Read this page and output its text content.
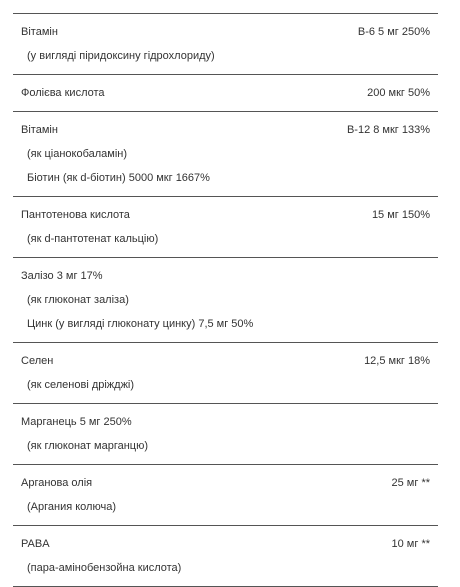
Вітамін	B-6 5 мг 250%
(у вигляді піридоксину гідрохлориду)
Фолієва кислота	200 мкг 50%
Вітамін	B-12 8 мкг 133%
(як ціанокобаламін)
Біотин (як d-біотин) 5000 мкг 1667%
Пантотенова кислота	15 мг 150%
(як d-пантотенат кальцію)
Залізо 3 мг 17%
(як глюконат заліза)
Цинк (у вигляді глюконату цинку) 7,5 мг 50%
Селен	12,5 мкг 18%
(як селенові дріжджі)
Марганець 5 мг 250%
(як глюконат марганцю)
Арганова олія	25 мг **
(Аргания колюча)
PABA	10 мг **
(пара-амінобензойна кислота)
